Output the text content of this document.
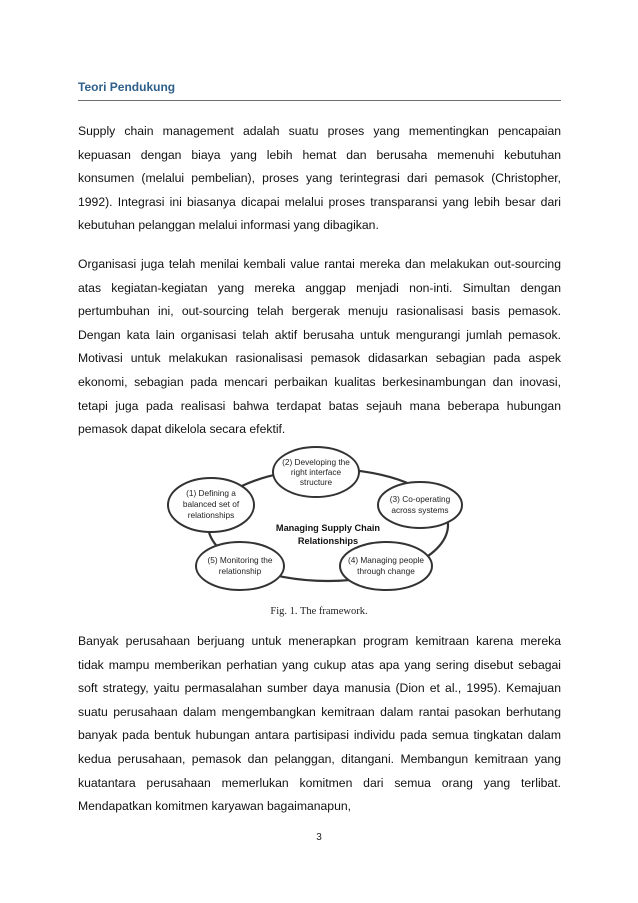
Teori Pendukung

Supply chain management adalah suatu proses yang mementingkan pencapaian kepuasan dengan biaya yang lebih hemat dan berusaha memenuhi kebutuhan konsumen (melalui pembelian), proses yang terintegrasi dari pemasok (Christopher, 1992). Integrasi ini biasanya dicapai melalui proses transparansi yang lebih besar dari kebutuhan pelanggan melalui informasi yang dibagikan.

Organisasi juga telah menilai kembali value rantai mereka dan melakukan out-sourcing atas kegiatan-kegiatan yang mereka anggap menjadi non-inti. Simultan dengan pertumbuhan ini, out-sourcing telah bergerak menuju rasionalisasi basis pemasok. Dengan kata lain organisasi telah aktif berusaha untuk mengurangi jumlah pemasok. Motivasi untuk melakukan rasionalisasi pemasok didasarkan sebagian pada aspek ekonomi, sebagian pada mencari perbaikan kualitas berkesinambungan dan inovasi, tetapi juga pada realisasi bahwa terdapat batas sejauh mana beberapa hubungan pemasok dapat dikelola secara efektif.

Managing Supply Chain
Relationships
(2) Developing the
right interface
structure
(1) Defining a
balanced set of
relationships
(3) Co-operating
across systems
(5) Monitoring the
relationship
(4) Managing people
through change
Fig. 1. The framework.

Banyak perusahaan berjuang untuk menerapkan program kemitraan karena mereka tidak mampu memberikan perhatian yang cukup atas apa yang sering disebut sebagai soft strategy, yaitu permasalahan sumber daya manusia (Dion et al., 1995). Kemajuan suatu perusahaan dalam mengembangkan kemitraan dalam rantai pasokan berhutang banyak pada bentuk hubungan antara partisipasi individu pada semua tingkatan dalam kedua perusahaan, pemasok dan pelanggan, ditangani. Membangun kemitraan yang kuatantara perusahaan memerlukan komitmen dari semua orang yang terlibat. Mendapatkan komitmen karyawan bagaimanapun,

3
